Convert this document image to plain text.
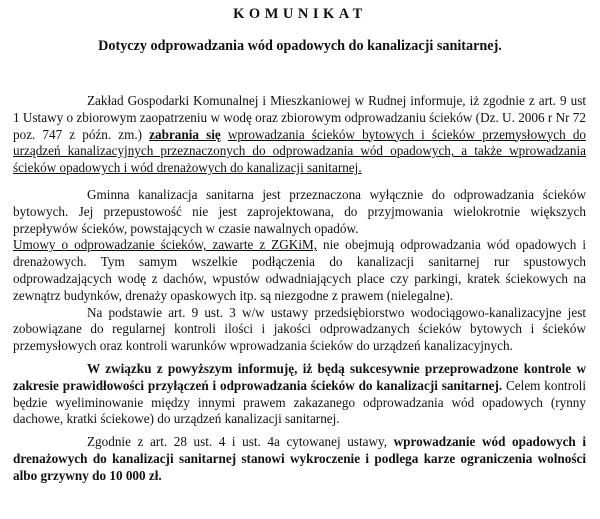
KOMUNIKAT
Dotyczy odprowadzania wód opadowych do kanalizacji sanitarnej.

Zakład Gospodarki Komunalnej i Mieszkaniowej w Rudnej informuje, iż zgodnie z art. 9 ust 1 Ustawy o zbiorowym zaopatrzeniu w wodę oraz zbiorowym odprowadzaniu ścieków (Dz. U. 2006 r Nr 72 poz. 747 z późn. zm.) zabrania się wprowadzania ścieków bytowych i ścieków przemysłowych do urządzeń kanalizacyjnych przeznaczonych do odprowadzania wód opadowych, a także wprowadzania ścieków opadowych i wód drenażowych do kanalizacji sanitarnej.

Gminna kanalizacja sanitarna jest przeznaczona wyłącznie do odprowadzania ścieków bytowych. Jej przepustowość nie jest zaprojektowana, do przyjmowania wielokrotnie większych przepływów ścieków, powstających w czasie nawalnych opadów.

Umowy o odprowadzanie ścieków, zawarte z ZGKiM, nie obejmują odprowadzania wód opadowych i drenażowych. Tym samym wszelkie podłączenia do kanalizacji sanitarnej rur spustowych odprowadzających wodę z dachów, wpustów odwadniających place czy parkingi, kratek ściekowych na zewnątrz budynków, drenaży opaskowych itp. są niezgodne z prawem (nielegalne).

Na podstawie art. 9 ust. 3 w/w ustawy przedsiębiorstwo wodociągowo-kanalizacyjne jest zobowiązane do regularnej kontroli ilości i jakości odprowadzanych ścieków bytowych i ścieków przemysłowych oraz kontroli warunków wprowadzania ścieków do urządzeń kanalizacyjnych.

W związku z powyższym informuję, iż będą sukcesywnie przeprowadzone kontrole w zakresie prawidłowości przyłączeń i odprowadzania ścieków do kanalizacji sanitarnej. Celem kontroli będzie wyeliminowanie między innymi prawem zakazanego odprowadzania wód opadowych (rynny dachowe, kratki ściekowe) do urządzeń kanalizacji sanitarnej.

Zgodnie z art. 28 ust. 4 i ust. 4a cytowanej ustawy, wprowadzanie wód opadowych i drenażowych do kanalizacji sanitarnej stanowi wykroczenie i podlega karze ograniczenia wolności albo grzywny do 10 000 zł.
